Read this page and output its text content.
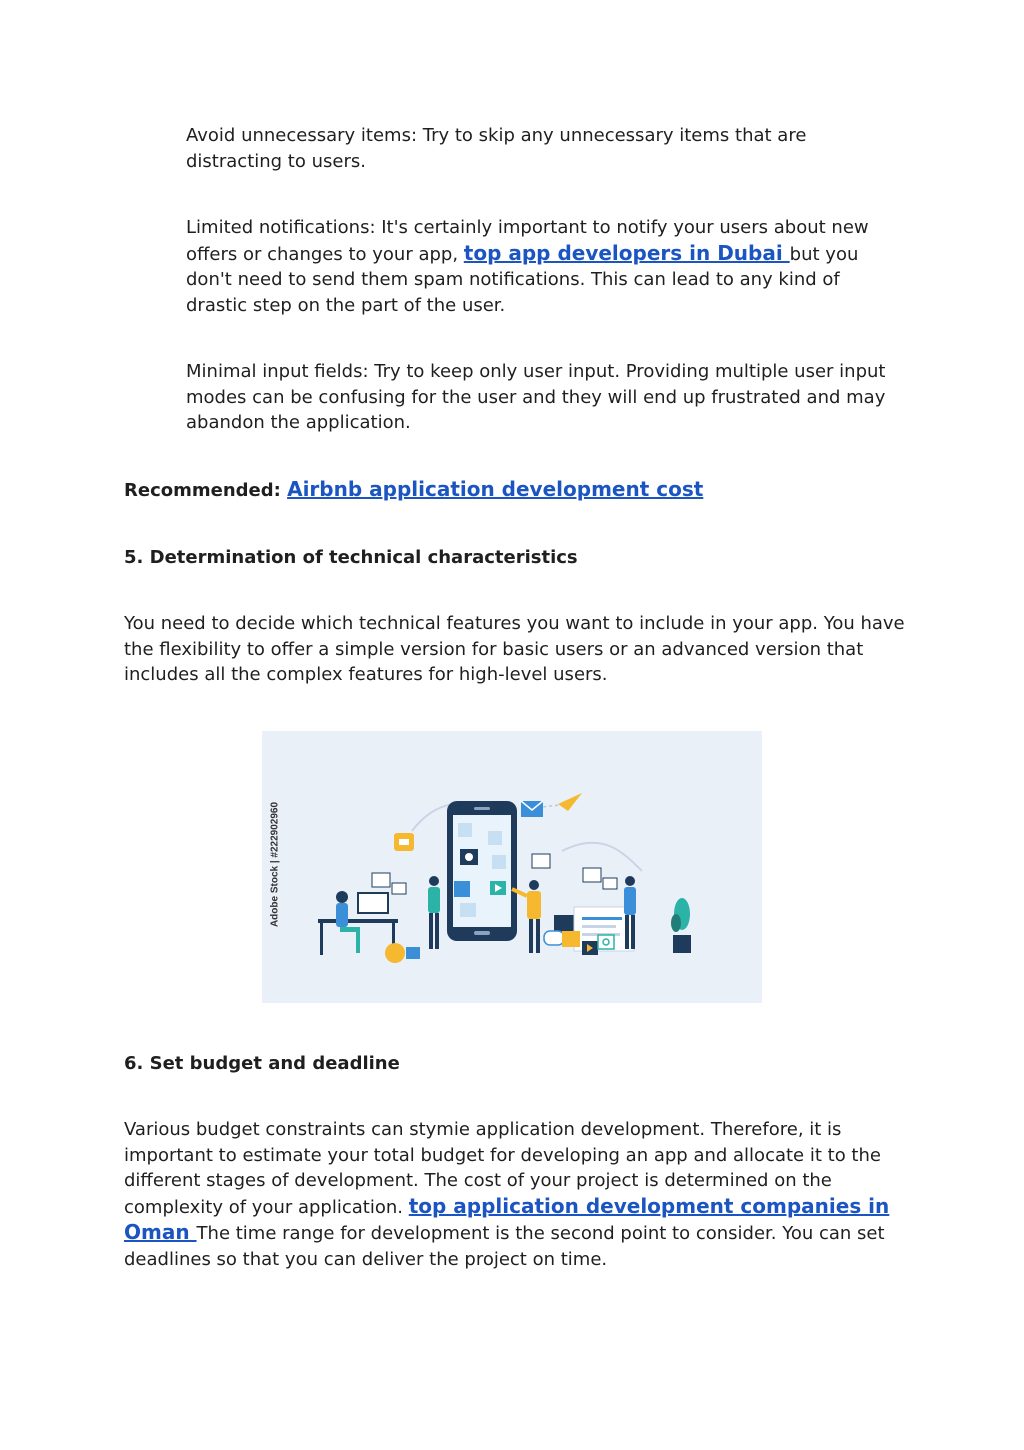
Avoid unnecessary items: Try to skip any unnecessary items that are distracting to users.

Limited notifications: It's certainly important to notify your users about new offers or changes to your app, top app developers in Dubai but you don't need to send them spam notifications. This can lead to any kind of drastic step on the part of the user.

Minimal input fields: Try to keep only user input. Providing multiple user input modes can be confusing for the user and they will end up frustrated and may abandon the application.

Recommended: Airbnb application development cost

5. Determination of technical characteristics

You need to decide which technical features you want to include in your app. You have the flexibility to offer a simple version for basic users or an advanced version that includes all the complex features for high-level users.

Adobe Stock | #222902960

6. Set budget and deadline

Various budget constraints can stymie application development. Therefore, it is important to estimate your total budget for developing an app and allocate it to the different stages of development. The cost of your project is determined on the complexity of your application. top application development companies in Oman The time range for development is the second point to consider. You can set deadlines so that you can deliver the project on time.
